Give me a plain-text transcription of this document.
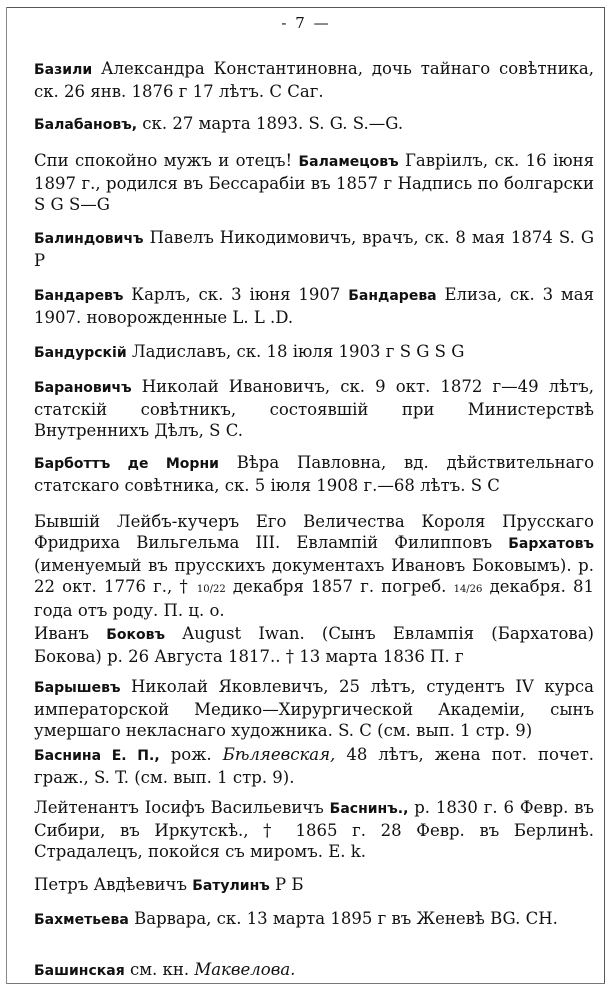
- 7 —
Базили Александра Константиновна, дочь тайнаго совѣтника, ск. 26 янв. 1876 г 17 лѣтъ. С Саг.
Балабановъ, ск. 27 марта 1893. S. G. S.—G.
Спи спокойно мужъ и отецъ! Баламецовъ Гавріилъ, ск. 16 іюня 1897 г., родился въ Бессарабіи въ 1857 г Надпись по болгарски S G S—G
Балиндовичъ Павелъ Никодимовичъ, врачъ, ск. 8 мая 1874 S. G P
Бандаревъ Карлъ, ск. 3 іюня 1907 Бандарева Елиза, ск. 3 мая 1907. новорожденные L. L .D.
Бандурскій Ладиславъ, ск. 18 іюля 1903 г S G S G
Барановичъ Николай Ивановичъ, ск. 9 окт. 1872 г—49 лѣтъ, статскій совѣтникъ, состоявшій при Министерствѣ Внутреннихъ Дѣлъ, S C.
Барботтъ де Морни Вѣра Павловна, вд. дѣйствительнаго статскаго совѣтника, ск. 5 іюля 1908 г.—68 лѣтъ. S C
Бывшій Лейбъ-кучеръ Его Величества Короля Прусскаго Фридриха Вильгельма III. Евлампій Филипповъ Бархатовъ (именуемый въ прусскихъ документахъ Ивановъ Боковымъ). р. 22 окт. 1776 г., † 10/22 декабря 1857 г. погреб. 14/26 декабря. 81 года отъ роду. П. ц. о.
Иванъ Боковъ August Iwan. (Сынъ Евлампія (Бархатова) Бокова) р. 26 Августа 1817.. † 13 марта 1836 П. г
Барышевъ Николай Яковлевичъ, 25 лѣтъ, студентъ IV курса императорской Медико—Хирургической Академіи, сынъ умершаго некласнаго художника. S. C (см. вып. 1 стр. 9)
Баснина Е. П., рож. Бѣляевская, 48 лѣтъ, жена пот. почет. граж., S. T. (см. вып. 1 стр. 9).
Лейтенантъ Іосифъ Васильевичъ Баснинъ., р. 1830 г. 6 Февр. въ Сибири, въ Иркутскѣ., † 1865 г. 28 Февр. въ Берлинѣ. Страдалецъ, покойся съ миромъ. E. k.
Петръ Авдѣевичъ Батулинъ Р Б
Бахметьева Варвара, ск. 13 марта 1895 г въ Женевѣ BG. CH.
Башинская см. кн. Маквелова.
